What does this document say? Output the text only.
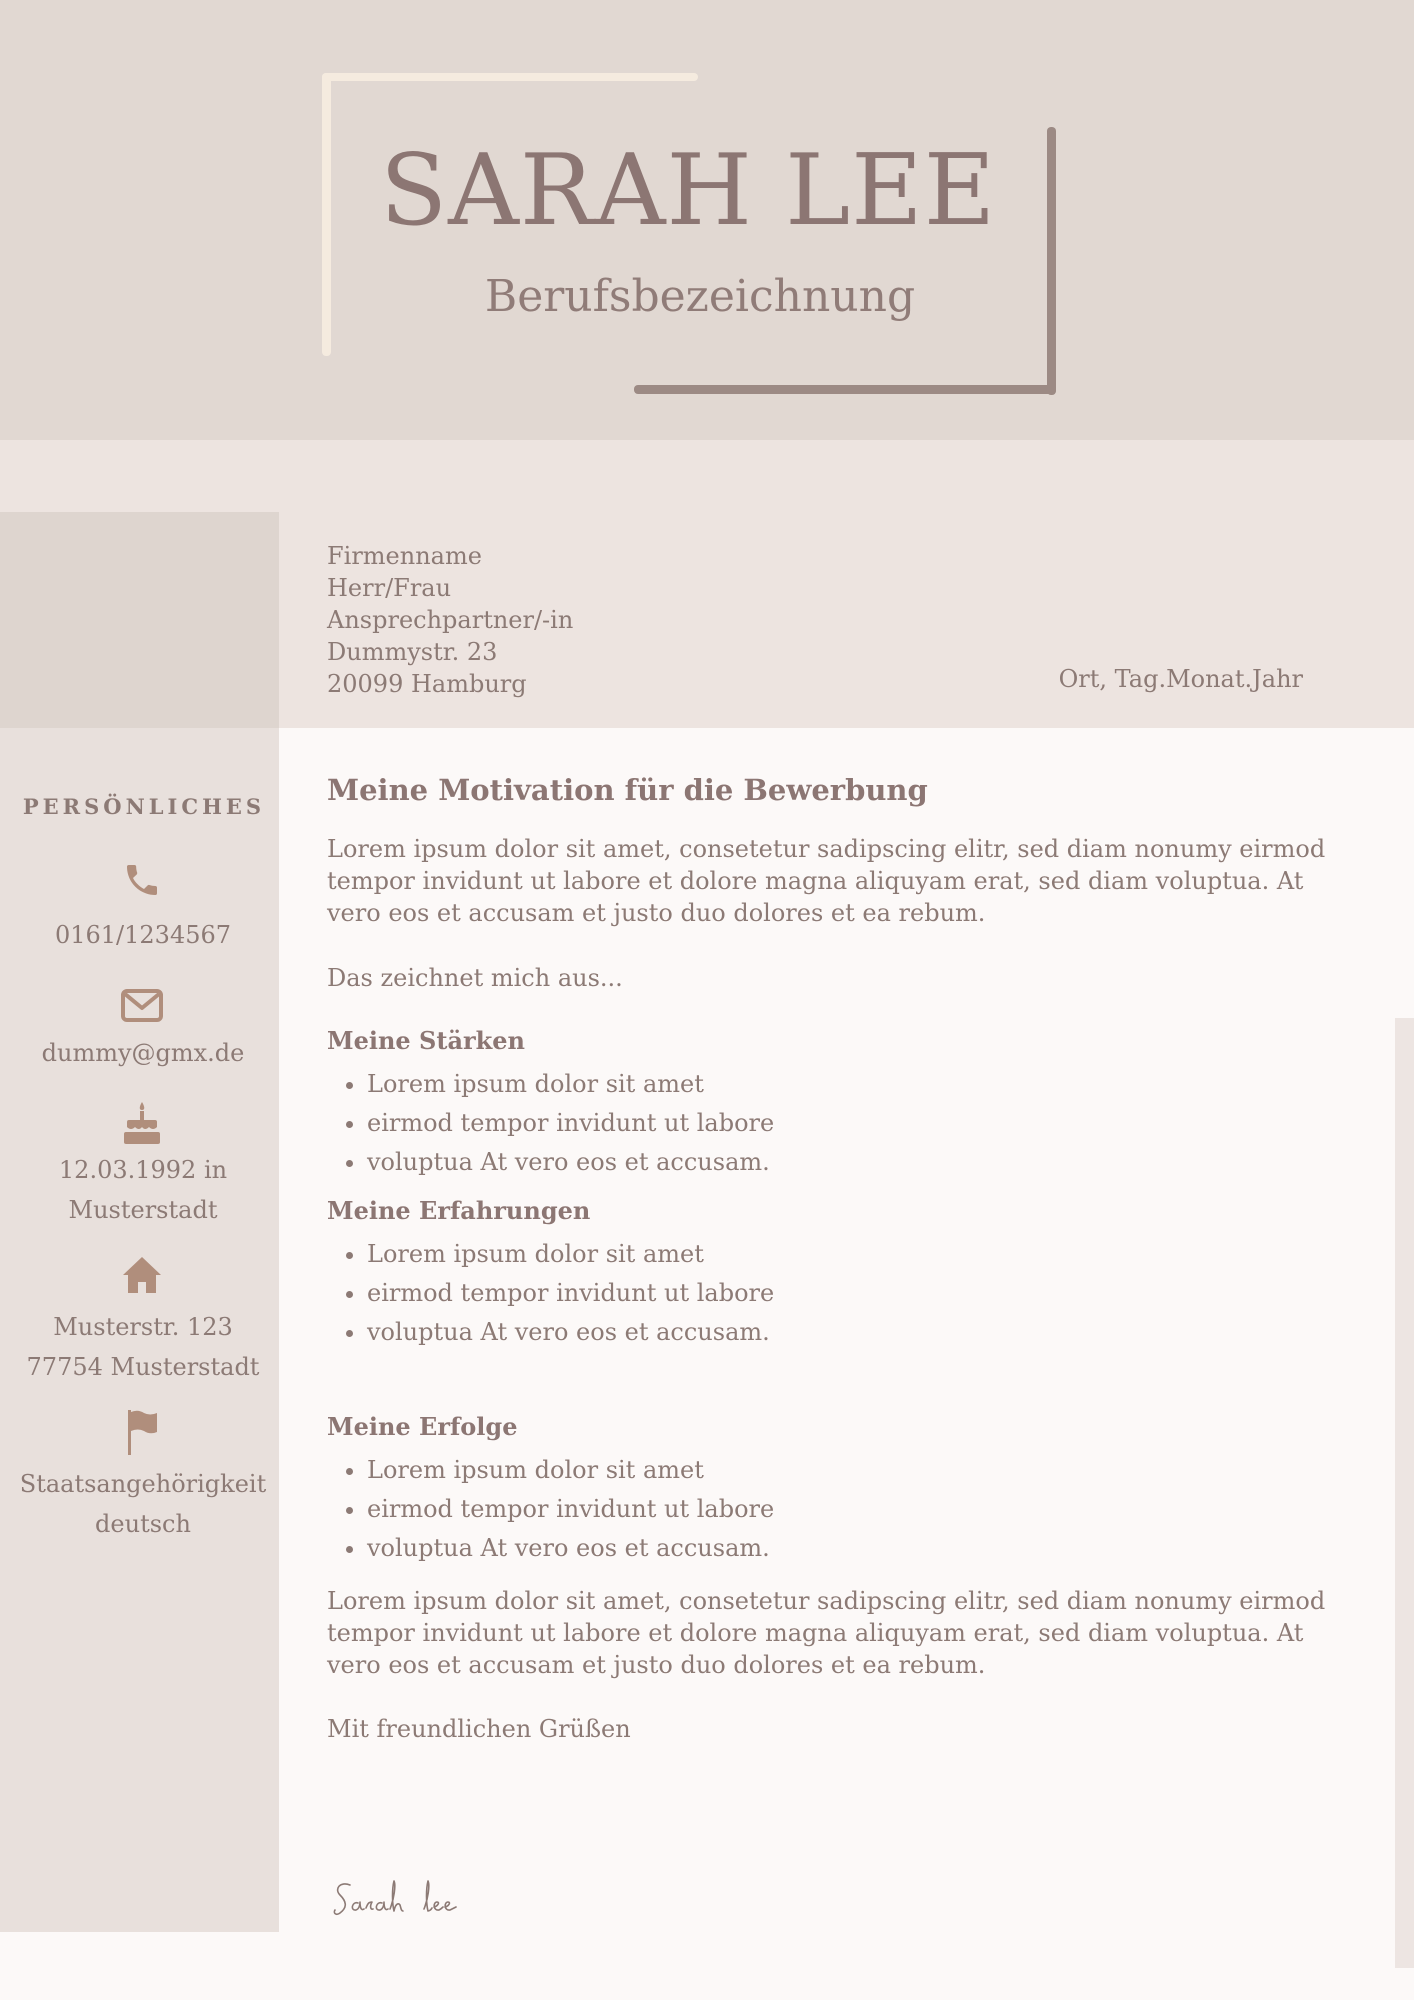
SARAH LEE
Berufsbezeichnung
Firmenname
Herr/Frau
Ansprechpartner/-in
Dummystr. 23
20099 Hamburg	Ort, Tag.Monat.Jahr
PERSÖNLICHES
0161/1234567
dummy@gmx.de
12.03.1992 in
Musterstadt
Musterstr. 123
77754 Musterstadt
Staatsangehörigkeit
deutsch
Meine Motivation für die Bewerbung

Lorem ipsum dolor sit amet, consetetur sadipscing elitr, sed diam nonumy eirmod tempor invidunt ut labore et dolore magna aliquyam erat, sed diam voluptua. At vero eos et accusam et justo duo dolores et ea rebum.

Das zeichnet mich aus...

Meine Stärken
• Lorem ipsum dolor sit amet
• eirmod tempor invidunt ut labore
• voluptua At vero eos et accusam.
Meine Erfahrungen
• Lorem ipsum dolor sit amet
• eirmod tempor invidunt ut labore
• voluptua At vero eos et accusam.
Meine Erfolge
• Lorem ipsum dolor sit amet
• eirmod tempor invidunt ut labore
• voluptua At vero eos et accusam.

Lorem ipsum dolor sit amet, consetetur sadipscing elitr, sed diam nonumy eirmod tempor invidunt ut labore et dolore magna aliquyam erat, sed diam voluptua. At vero eos et accusam et justo duo dolores et ea rebum.

Mit freundlichen Grüßen
